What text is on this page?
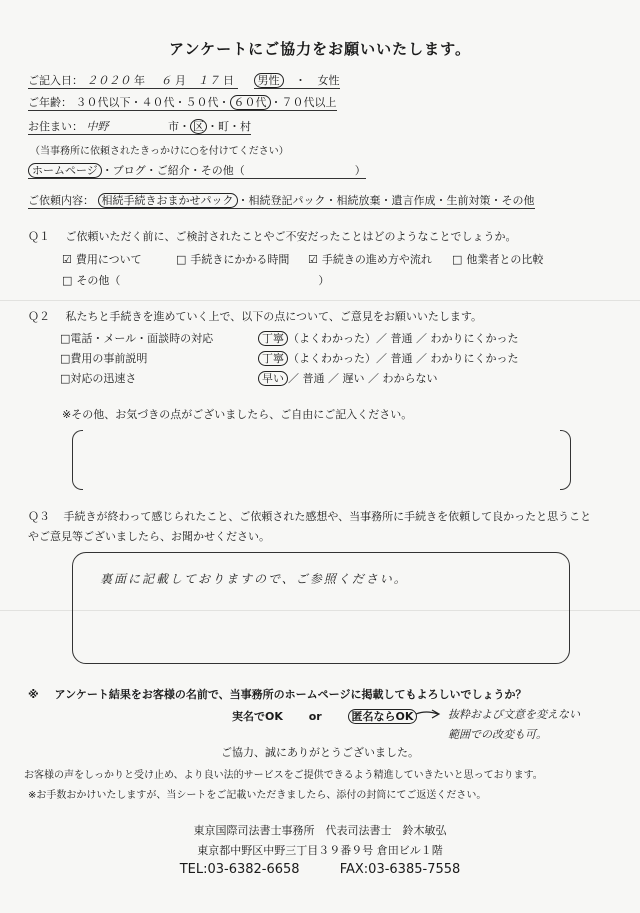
アンケートにご協力をお願いいたします。
ご記入日： ２０２０ 年 ６ 月 １７ 日 男性 ・ 女性
ご年齢： ３０代以下・４０代・５０代・ ６０代 ・７０代以上
お住まい： 中野	市・ 区 ・町・村
（当事務所に依頼されたきっかけに○を付けてください）
ホームページ ・ブログ・ご紹介・その他（　　　　　　　　　　）
ご依頼内容： 相続手続きおまかせパック ・相続登記パック・相続放棄・遺言作成・生前対策・その他
Ｑ１ ご依頼いただく前に、ご検討されたことやご不安だったことはどのようなことでしょうか。
☑ 費用について	□ 手続きにかかる時間 ☑ 手続きの進め方や流れ □ 他業者との比較
□ その他（　　　　　　　　　　　　　　　　　　）
Ｑ２ 私たちと手続きを進めていく上で、以下の点について、ご意見をお願いいたします。
□電話・メール・面談時の対応	丁寧 （よくわかった）／ 普通 ／ わかりにくかった
□費用の事前説明	丁寧 （よくわかった）／ 普通 ／ わかりにくかった
□対応の迅速さ	早い ／ 普通 ／ 遅い ／ わからない
※その他、お気づきの点がございましたら、ご自由にご記入ください。
Ｑ３ 手続きが終わって感じられたこと、ご依頼された感想や、当事務所に手続きを依頼して良かったと思うこと
やご意見等ございましたら、お聞かせください。
裏面に記載しておりますので、ご参照ください。
※ アンケート結果をお客様の名前で、当事務所のホームページに掲載してもよろしいでしょうか？
実名でOK or	匿名ならOK	抜粋および文意を変えない
範囲での改変も可。
ご協力、誠にありがとうございました。
お客様の声をしっかりと受け止め、より良い法的サービスをご提供できるよう精進していきたいと思っております。
※お手数おかけいたしますが、当シートをご記載いただきましたら、添付の封筒にてご返送ください。
東京国際司法書士事務所　代表司法書士　鈴木敏弘
東京都中野区中野三丁目３９番９号 倉田ビル１階
TEL:03-6382-6658	FAX:03-6385-7558
